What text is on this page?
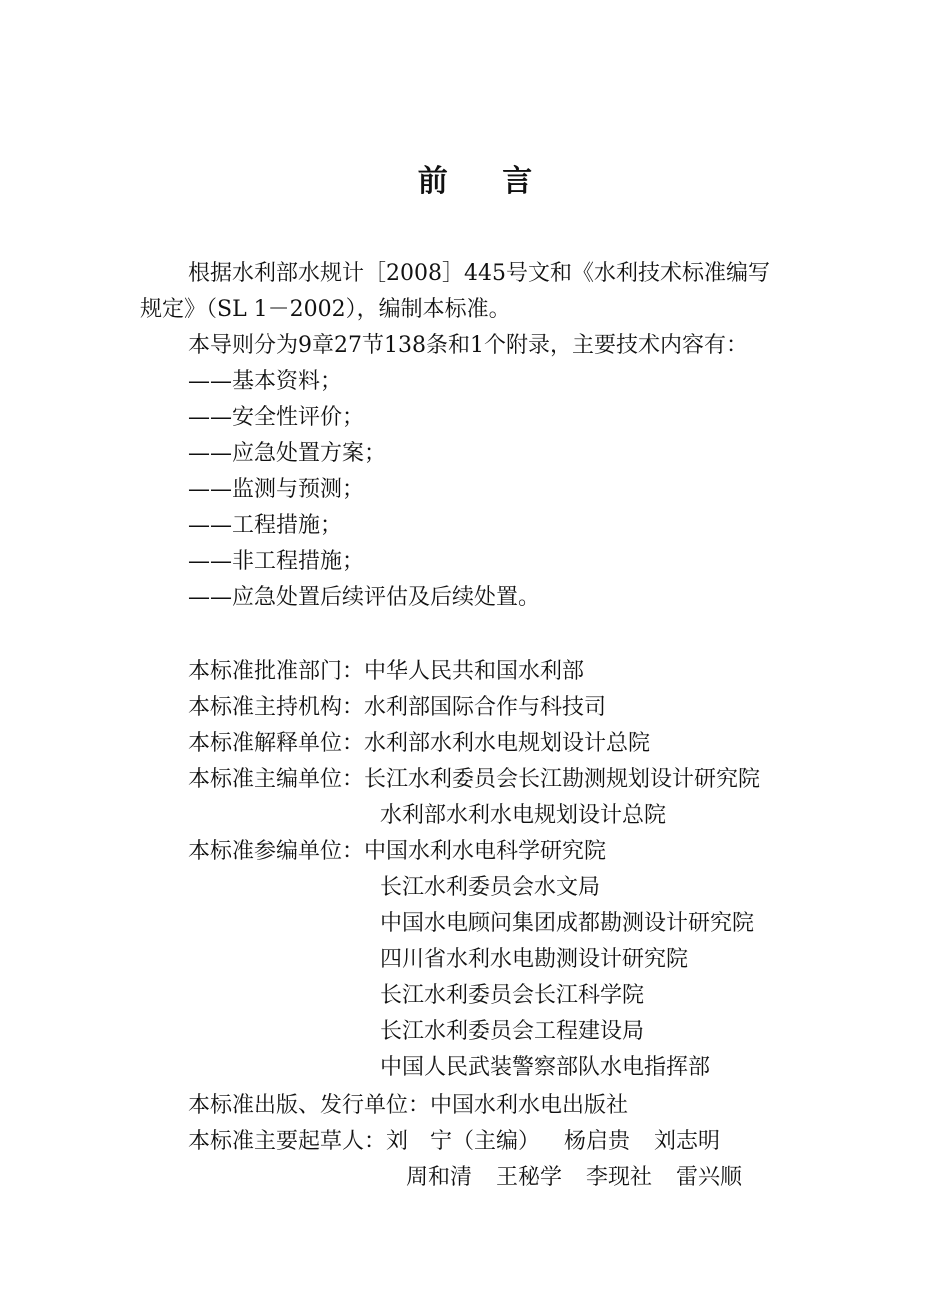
前 言
根据水利部水规计［2008］445号文和《水利技术标准编写
规定》（SL 1－2002），编制本标准。
本导则分为9章27节138条和1个附录，主要技术内容有：
——基本资料；
——安全性评价；
——应急处置方案；
——监测与预测；
——工程措施；
——非工程措施；
——应急处置后续评估及后续处置。
本标准批准部门：中华人民共和国水利部
本标准主持机构：水利部国际合作与科技司
本标准解释单位：水利部水利水电规划设计总院
本标准主编单位：长江水利委员会长江勘测规划设计研究院
水利部水利水电规划设计总院
本标准参编单位：中国水利水电科学研究院
长江水利委员会水文局
中国水电顾问集团成都勘测设计研究院
四川省水利水电勘测设计研究院
长江水利委员会长江科学院
长江水利委员会工程建设局
中国人民武装警察部队水电指挥部
本标准出版、发行单位：中国水利水电出版社
本标准主要起草人：刘　宁（主编） 杨启贵 刘志明
周和清 王秘学 李现社 雷兴顺
